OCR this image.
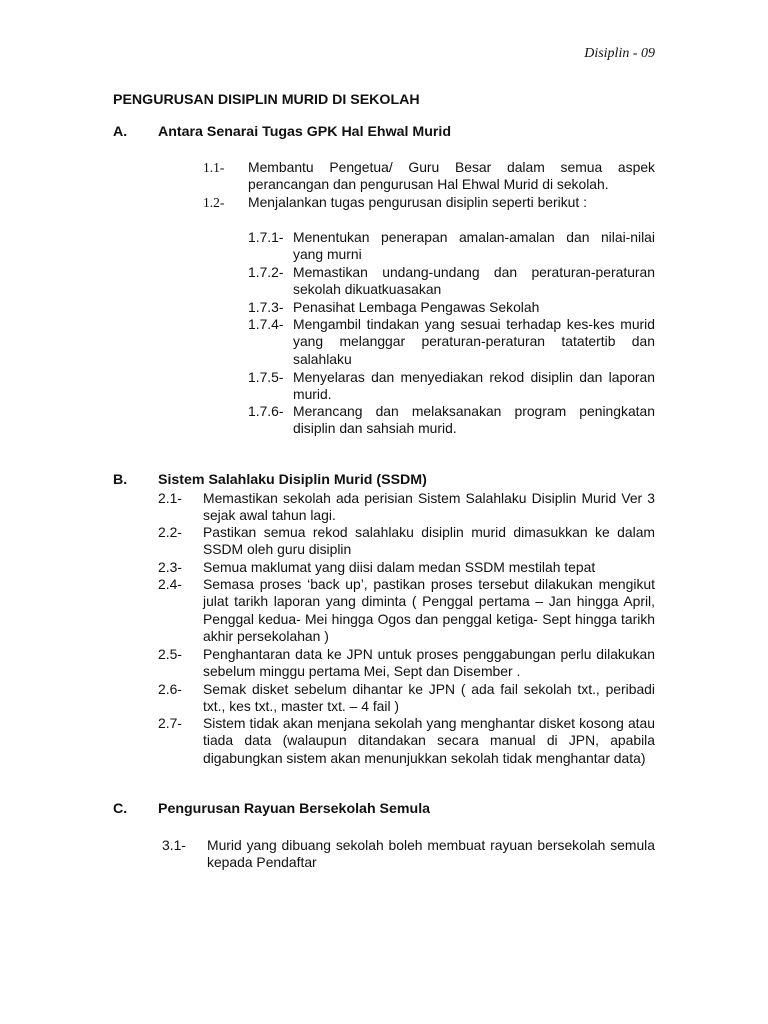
Disiplin - 09
PENGURUSAN DISIPLIN MURID DI SEKOLAH
A. Antara Senarai Tugas GPK Hal Ehwal Murid
1.1-	Membantu Pengetua/ Guru Besar dalam semua aspek perancangan dan pengurusan Hal Ehwal Murid di sekolah.
1.2-	Menjalankan tugas pengurusan disiplin seperti berikut :
1.7.1- Menentukan penerapan amalan-amalan dan nilai-nilai yang murni
1.7.2- Memastikan undang-undang dan peraturan-peraturan sekolah dikuatkuasakan
1.7.3- Penasihat Lembaga Pengawas Sekolah
1.7.4- Mengambil tindakan yang sesuai terhadap kes-kes murid yang melanggar peraturan-peraturan tatatertib dan salahlaku
1.7.5- Menyelaras dan menyediakan rekod disiplin dan laporan murid.
1.7.6- Merancang dan melaksanakan program peningkatan disiplin dan sahsiah murid.
B. Sistem Salahlaku Disiplin Murid (SSDM)
2.1-	Memastikan sekolah ada perisian Sistem Salahlaku Disiplin Murid Ver 3 sejak awal tahun lagi.
2.2-	Pastikan semua rekod salahlaku disiplin murid dimasukkan ke dalam SSDM oleh guru disiplin
2.3-	Semua maklumat yang diisi dalam medan SSDM mestilah tepat
2.4-	Semasa proses ‘back up’, pastikan proses tersebut dilakukan mengikut julat tarikh laporan yang diminta ( Penggal pertama – Jan hingga April, Penggal kedua- Mei hingga Ogos dan penggal ketiga- Sept hingga tarikh akhir persekolahan )
2.5-	Penghantaran data ke JPN untuk proses penggabungan perlu dilakukan sebelum minggu pertama Mei, Sept dan Disember .
2.6-	Semak disket sebelum dihantar ke JPN ( ada fail sekolah txt., peribadi txt., kes txt., master txt. – 4 fail )
2.7-	Sistem tidak akan menjana sekolah yang menghantar disket kosong atau tiada data (walaupun ditandakan secara manual di JPN, apabila digabungkan sistem akan menunjukkan sekolah tidak menghantar data)
C. Pengurusan Rayuan Bersekolah Semula
3.1-	Murid yang dibuang sekolah boleh membuat rayuan bersekolah semula kepada Pendaftar
